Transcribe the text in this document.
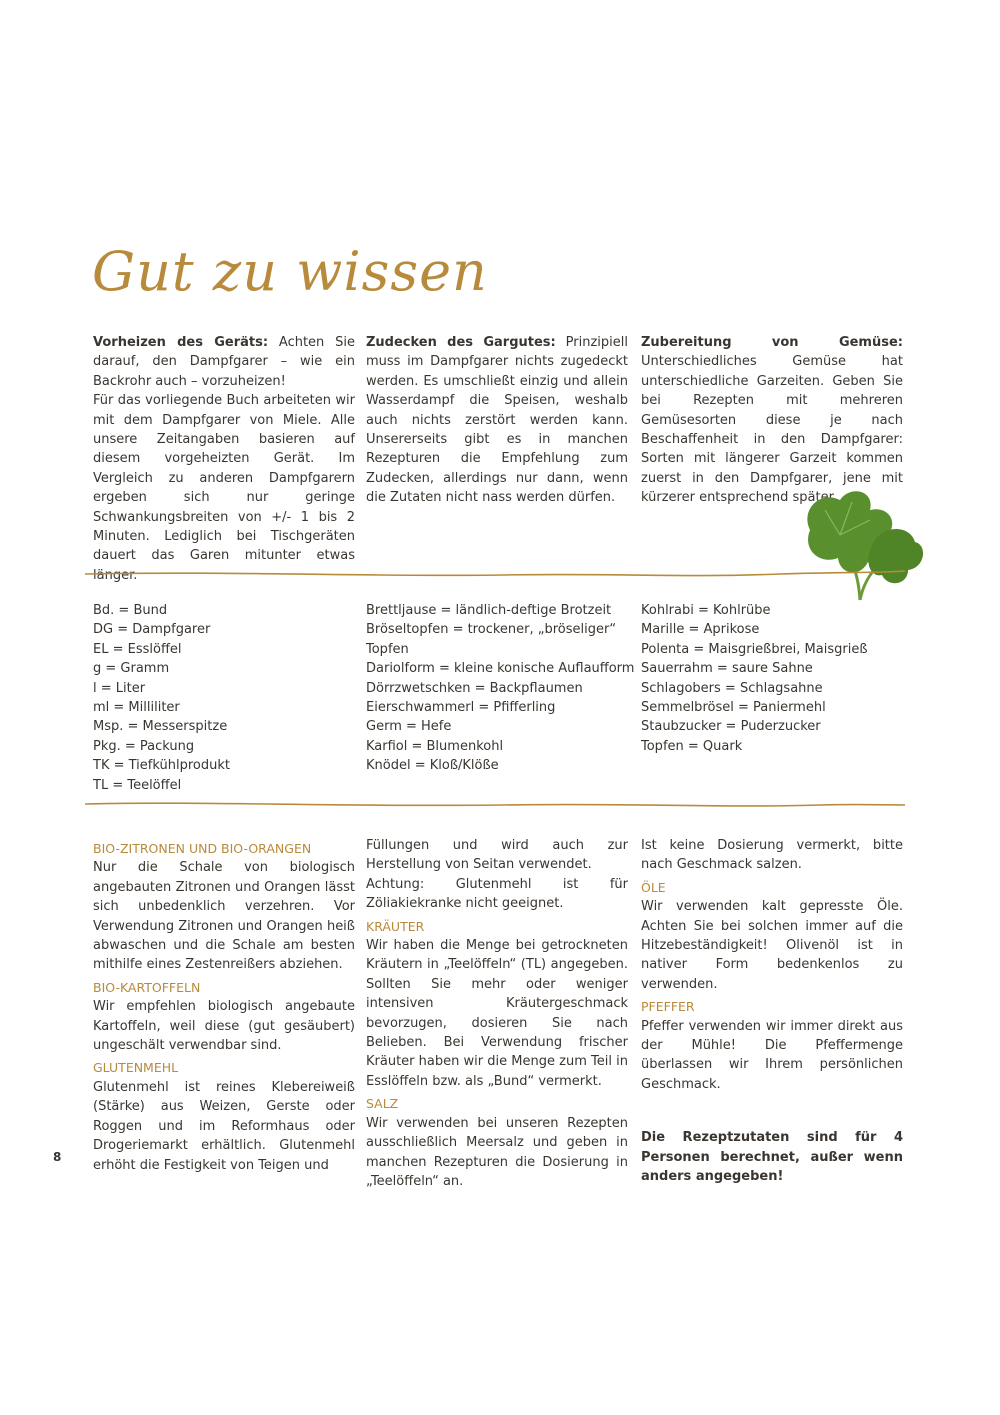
Gut zu wissen

Vorheizen des Geräts: Achten Sie darauf, den Dampfgarer – wie ein Backrohr auch – vorzuheizen!

Für das vorliegende Buch arbeiteten wir mit dem Dampfgarer von Miele. Alle unsere Zeitangaben basieren auf diesem vorgeheizten Gerät. Im Vergleich zu anderen Dampfgarern ergeben sich nur geringe Schwankungsbreiten von +/- 1 bis 2 Minuten. Lediglich bei Tischgeräten dauert das Garen mitunter etwas länger.

Zudecken des Gargutes: Prinzipiell muss im Dampfgarer nichts zugedeckt werden. Es umschließt einzig und allein Wasserdampf die Speisen, weshalb auch nichts zerstört werden kann. Unsererseits gibt es in manchen Rezepturen die Empfehlung zum Zudecken, allerdings nur dann, wenn die Zutaten nicht nass werden dürfen.

Zubereitung von Gemüse: Unterschiedliches Gemüse hat unterschiedliche Garzeiten. Geben Sie bei Rezepten mit mehreren Gemüsesorten diese je nach Beschaffenheit in den Dampfgarer: Sorten mit längerer Garzeit kommen zuerst in den Dampfgarer, jene mit kürzerer entsprechend später.

Bd. = Bund
DG = Dampfgarer
EL = Esslöffel
g = Gramm
l = Liter
ml = Milliliter
Msp. = Messerspitze
Pkg. = Packung
TK = Tiefkühlprodukt
TL = Teelöffel
Brettljause = ländlich-deftige Brotzeit
Bröseltopfen = trockener, „bröseliger“
Topfen
Dariolform = kleine konische Auflaufform
Dörrzwetschken = Backpflaumen
Eierschwammerl = Pfifferling
Germ = Hefe
Karfiol = Blumenkohl
Knödel = Kloß/Klöße
Kohlrabi = Kohlrübe
Marille = Aprikose
Polenta = Maisgrießbrei, Maisgrieß
Sauerrahm = saure Sahne
Schlagobers = Schlagsahne
Semmelbrösel = Paniermehl
Staubzucker = Puderzucker
Topfen = Quark

BIO-ZITRONEN UND BIO-ORANGEN

Nur die Schale von biologisch angebauten Zitronen und Orangen lässt sich unbedenklich verzehren. Vor Verwendung Zitronen und Orangen heiß abwaschen und die Schale am besten mithilfe eines Zestenreißers abziehen.

BIO-KARTOFFELN

Wir empfehlen biologisch angebaute Kartoffeln, weil diese (gut gesäubert) ungeschält verwendbar sind.

GLUTENMEHL

Glutenmehl ist reines Klebereiweiß (Stärke) aus Weizen, Gerste oder Roggen und im Reformhaus oder Drogeriemarkt erhältlich. Glutenmehl erhöht die Festigkeit von Teigen und

Füllungen und wird auch zur Herstellung von Seitan verwendet.

Achtung: Glutenmehl ist für Zöliakiekranke nicht geeignet.

KRÄUTER

Wir haben die Menge bei getrockneten Kräutern in „Teelöffeln“ (TL) angegeben. Sollten Sie mehr oder weniger intensiven Kräutergeschmack bevorzugen, dosieren Sie nach Belieben. Bei Verwendung frischer Kräuter haben wir die Menge zum Teil in Esslöffeln bzw. als „Bund“ vermerkt.

SALZ

Wir verwenden bei unseren Rezepten ausschließlich Meersalz und geben in manchen Rezepturen die Dosierung in „Teelöffeln“ an.

Ist keine Dosierung vermerkt, bitte nach Geschmack salzen.

ÖLE

Wir verwenden kalt gepresste Öle. Achten Sie bei solchen immer auf die Hitzebeständigkeit! Olivenöl ist in nativer Form bedenkenlos zu verwenden.

PFEFFER

Pfeffer verwenden wir immer direkt aus der Mühle! Die Pfeffermenge überlassen wir Ihrem persönlichen Geschmack.

Die Rezeptzutaten sind für 4 Personen berechnet, außer wenn anders angegeben!

8
